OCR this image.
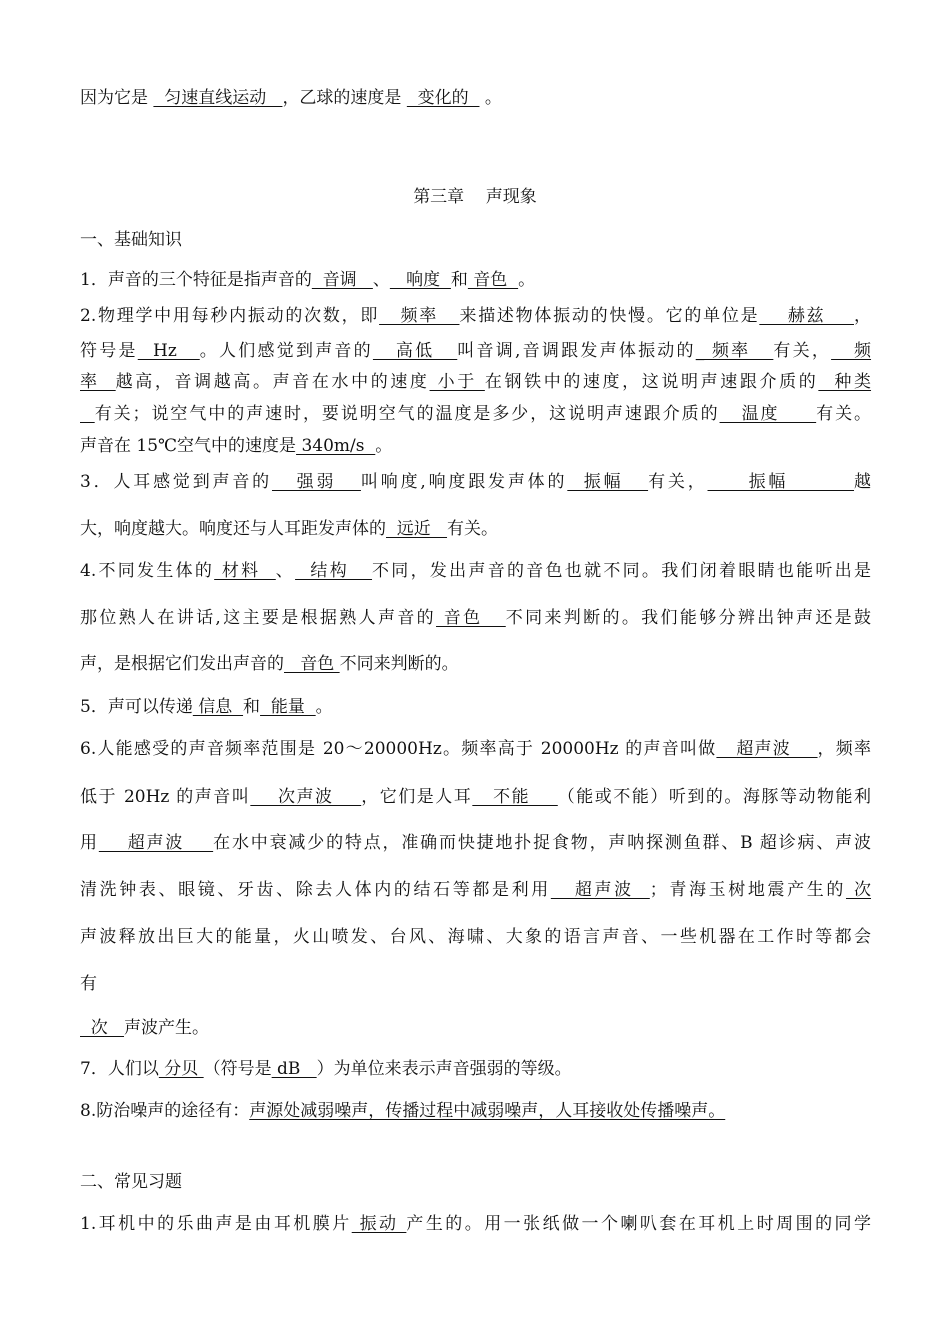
因为它是   匀速直线运动   ，乙球的速度是   变化的   。
第三章    声现象
一、基础知识
1．声音的三个特征是指声音的  音调   、   响度  和 音色  。
2.物理学中用每秒内振动的次数，即   频率   来描述物体振动的快慢。它的单位是    赫兹    ，
符号是  Hz   。人们感觉到声音的   高低   叫音调,音调跟发声体振动的_ 频率   有关，   频
率  越高，音调越高。声音在水中的速度 小于 在钢铁中的速度，这说明声速跟介质的  种类
有关；说空气中的声速时，要说明空气的温度是多少，这说明声速跟介质的   温度     有关。
声音在 15℃空气中的速度是 340m/s  。
3．人耳感觉到声音的   强弱   叫响度,响度跟发声体的  振幅   有关，     振幅        越
大，响度越大。响度还与人耳距发声体的  远近   有关。
4.不同发生体的 材料  、  结构   不同，发出声音的音色也就不同。我们闭着眼睛也能听出是
那位熟人在讲话,这主要是根据熟人声音的 音色   不同来判断的。我们能够分辨出钟声还是鼓
声，是根据它们发出声音的   音色 不同来判断的。
5．声可以传递 信息  和  能量  。
6.人能感受的声音频率范围是 20～20000Hz。频率高于 20000Hz 的声音叫做   超声波    ，频率
低于 20Hz 的声音叫    次声波    ，它们是人耳   不能    （能或不能）听到的。海豚等动物能利
用    超声波    在水中衰减少的特点，准确而快捷地扑捉食物，声呐探测鱼群、B 超诊病、声波
清洗钟表、眼镜、牙齿、除去人体内的结石等都是利用   超声波  ；青海玉树地震产生的 次
声波释放出巨大的能量，火山喷发、台风、海啸、大象的语言声音、一些机器在工作时等都会
有
次   声波产生。
7．人们以 分贝 （符号是 dB   ）为单位来表示声音强弱的等级。
8.防治噪声的途径有：声源处减弱噪声，传播过程中减弱噪声，人耳接收处传播噪声。
二、常见习题
1.耳机中的乐曲声是由耳机膜片 振动 产生的。用一张纸做一个喇叭套在耳机上时周围的同学
